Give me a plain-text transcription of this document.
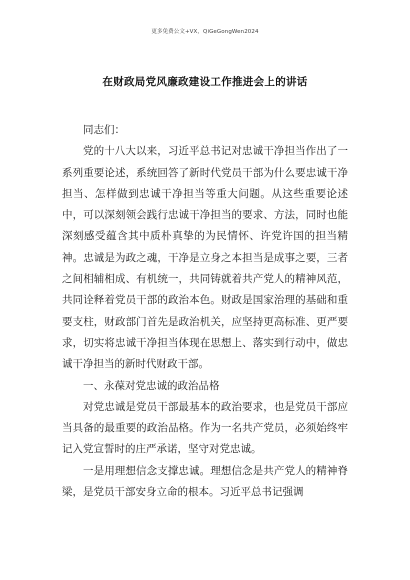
更多免费公文+VX，QiGeGongWen2024
在财政局党风廉政建设工作推进会上的讲话

同志们：

党的十八大以来，习近平总书记对忠诚干净担当作出了一系列重要论述，系统回答了新时代党员干部为什么要忠诚干净担当、怎样做到忠诚干净担当等重大问题。从这些重要论述中，可以深刻领会践行忠诚干净担当的要求、方法，同时也能深刻感受蕴含其中质朴真挚的为民情怀、许党许国的担当精神。忠诚是为政之魂，干净是立身之本担当是成事之要，三者之间相辅相成、有机统一，共同铸就着共产党人的精神风范，共同诠释着党员干部的政治本色。财政是国家治理的基础和重要支柱，财政部门首先是政治机关，应坚持更高标准、更严要求，切实将忠诚干净担当体现在思想上、落实到行动中，做忠诚干净担当的新时代财政干部。

一、永葆对党忠诚的政治品格

对党忠诚是党员干部最基本的政治要求，也是党员干部应当具备的最重要的政治品格。作为一名共产党员，必须始终牢记入党宣誓时的庄严承诺，坚守对党忠诚。

一是用理想信念支撑忠诚。理想信念是共产党人的精神脊梁，是党员干部安身立命的根本。习近平总书记强调
